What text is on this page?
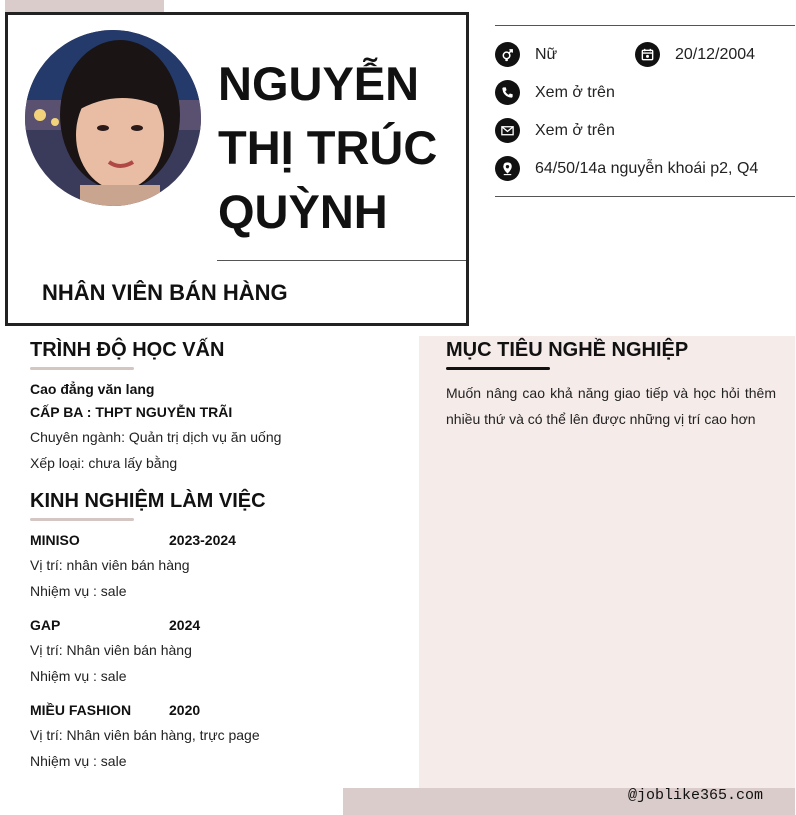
NGUYỄN
THỊ TRÚC
QUỲNH
NHÂN VIÊN BÁN HÀNG
Nữ	20/12/2004
Xem ở trên
Xem ở trên
64/50/14a nguyễn khoái p2, Q4
@joblike365.com
TRÌNH ĐỘ HỌC VẤN
Cao đẳng văn lang
CẤP BA : THPT NGUYỄN TRÃI
Chuyên ngành: Quản trị dịch vụ ăn uống
Xếp loại: chưa lấy bằng
KINH NGHIỆM LÀM VIỆC
MINISO	2023-2024
Vị trí: nhân viên bán hàng
Nhiệm vụ : sale
GAP	2024
Vị trí: Nhân viên bán hàng
Nhiệm vụ : sale
MIỀU FASHION	2020
Vị trí: Nhân viên bán hàng, trực page
Nhiệm vụ : sale
MỤC TIÊU NGHỀ NGHIỆP
Muốn nâng cao khả năng giao tiếp và học hỏi thêm nhiều thứ và có thể lên được những vị trí cao hơn
